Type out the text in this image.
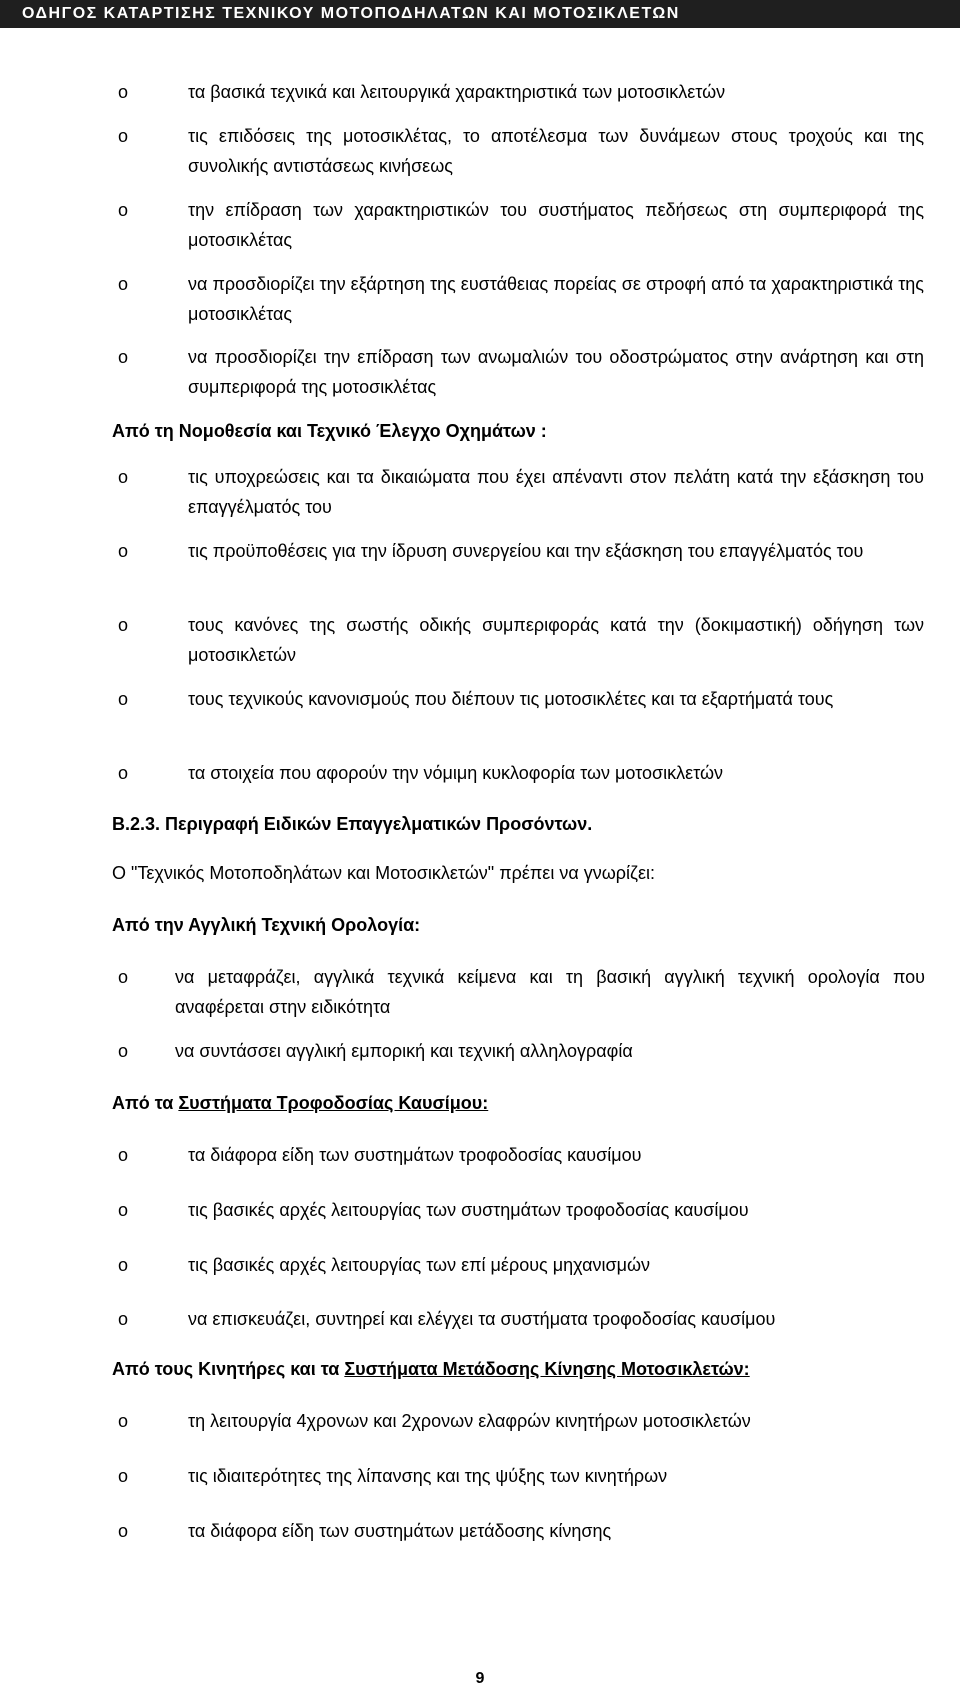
ΟΔΗΓΟΣ ΚΑΤΑΡΤΙΣΗΣ ΤΕΧΝΙΚΟΥ ΜΟΤΟΠΟΔΗΛΑΤΩΝ ΚΑΙ ΜΟΤΟΣΙΚΛΕΤΩΝ
o	τα βασικά τεχνικά και λειτουργικά χαρακτηριστικά των μοτοσικλετών
o	τις επιδόσεις της μοτοσικλέτας, το αποτέλεσμα των δυνάμεων στους τροχούς και της συνολικής αντιστάσεως κινήσεως
o	την επίδραση των χαρακτηριστικών του συστήματος πεδήσεως στη συμπεριφορά της μοτοσικλέτας
o	να προσδιορίζει την εξάρτηση της ευστάθειας πορείας σε στροφή από τα χαρακτηριστικά της μοτοσικλέτας
o	να προσδιορίζει την επίδραση των ανωμαλιών του οδοστρώματος στην ανάρτηση και στη συμπεριφορά της μοτοσικλέτας
Από τη Νομοθεσία και Τεχνικό Έλεγχο Οχημάτων :
o	τις υποχρεώσεις και τα δικαιώματα που έχει απέναντι στον πελάτη κατά την εξάσκηση του επαγγέλματός του
o	τις προϋποθέσεις για την ίδρυση συνεργείου και την εξάσκηση του επαγγέλματός του
o	τους κανόνες της σωστής οδικής συμπεριφοράς κατά την (δοκιμαστική) οδήγηση των μοτοσικλετών
o	τους τεχνικούς κανονισμούς που διέπουν τις μοτοσικλέτες και τα εξαρτήματά τους
o	τα στοιχεία που αφορούν την νόμιμη κυκλοφορία των μοτοσικλετών
Β.2.3. Περιγραφή Ειδικών Επαγγελματικών Προσόντων.
O "Τεχνικός Μοτοποδηλάτων και Μοτοσικλετών" πρέπει να γνωρίζει:
Από την Αγγλική Τεχνική Ορολογία:
o	να μεταφράζει, αγγλικά τεχνικά κείμενα και τη βασική αγγλική τεχνική ορολογία που αναφέρεται στην ειδικότητα
o	να συντάσσει αγγλική εμπορική και τεχνική αλληλογραφία
Από τα Συστήματα Τροφοδοσίας Καυσίμου:
o	τα διάφορα είδη των συστημάτων τροφοδοσίας καυσίμου
o	τις βασικές αρχές λειτουργίας των συστημάτων τροφοδοσίας καυσίμου
o	τις βασικές αρχές λειτουργίας των επί μέρους μηχανισμών
o	να επισκευάζει, συντηρεί και ελέγχει τα συστήματα τροφοδοσίας καυσίμου
Από τους Κινητήρες και τα Συστήματα Μετάδοσης Κίνησης Μοτοσικλετών:
o	τη λειτουργία 4χρονων και 2χρονων ελαφρών κινητήρων μοτοσικλετών
o	τις ιδιαιτερότητες της λίπανσης και της ψύξης των κινητήρων
o	τα διάφορα είδη των συστημάτων μετάδοσης κίνησης
9
